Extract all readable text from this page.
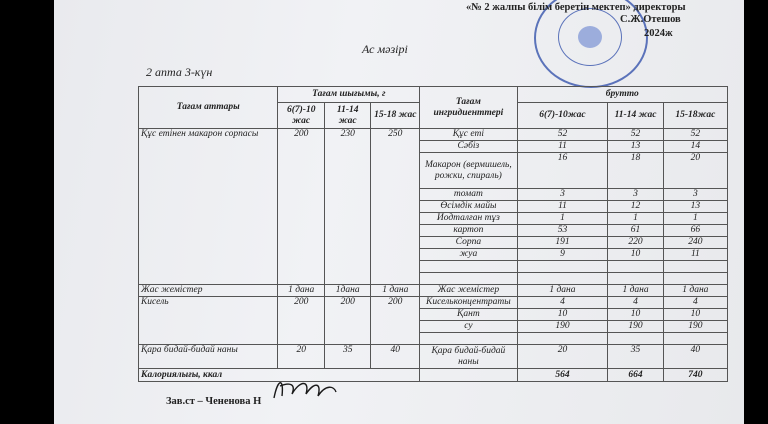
«№ 2 жалпы білім беретін мектеп» директоры
С.Ж.Отешов
2024ж
Ас мәзірі
2 апта 3-күн
Тағам аттары	Тағам шығымы, г			Тағам ингридиенттері	брутто		
	6(7)-10 жас	11-14 жас	15-18 жас		6(7)-10жас	11-14 жас	15-18жас
Құс етінен макарон сорпасы	200	230	250	Құс еті	52	52	52
				Сәбіз	11	13	14
				Макарон (вермишель, рожки, спираль)	16	18	20
				томат	3	3	3
				Өсімдік майы	11	12	13
				Йодталған тұз	1	1	1
				картоп	53	61	66
				Сорпа	191	220	240
				жуа	9	10	11

Жас жемістер	1 дана	1дана	1 дана	Жас жемістер	1 дана	1 дана	1 дана
Кисель	200	200	200	Кисельконцентраты	4	4	4
				Қант	10	10	10
				су	190	190	190

Қара бидай-бидай наны	20	35	40	Қара бидай-бидай наны	20	35	40
Калориялығы, ккал					564	664	740
Зав.ст – Чененова Н
